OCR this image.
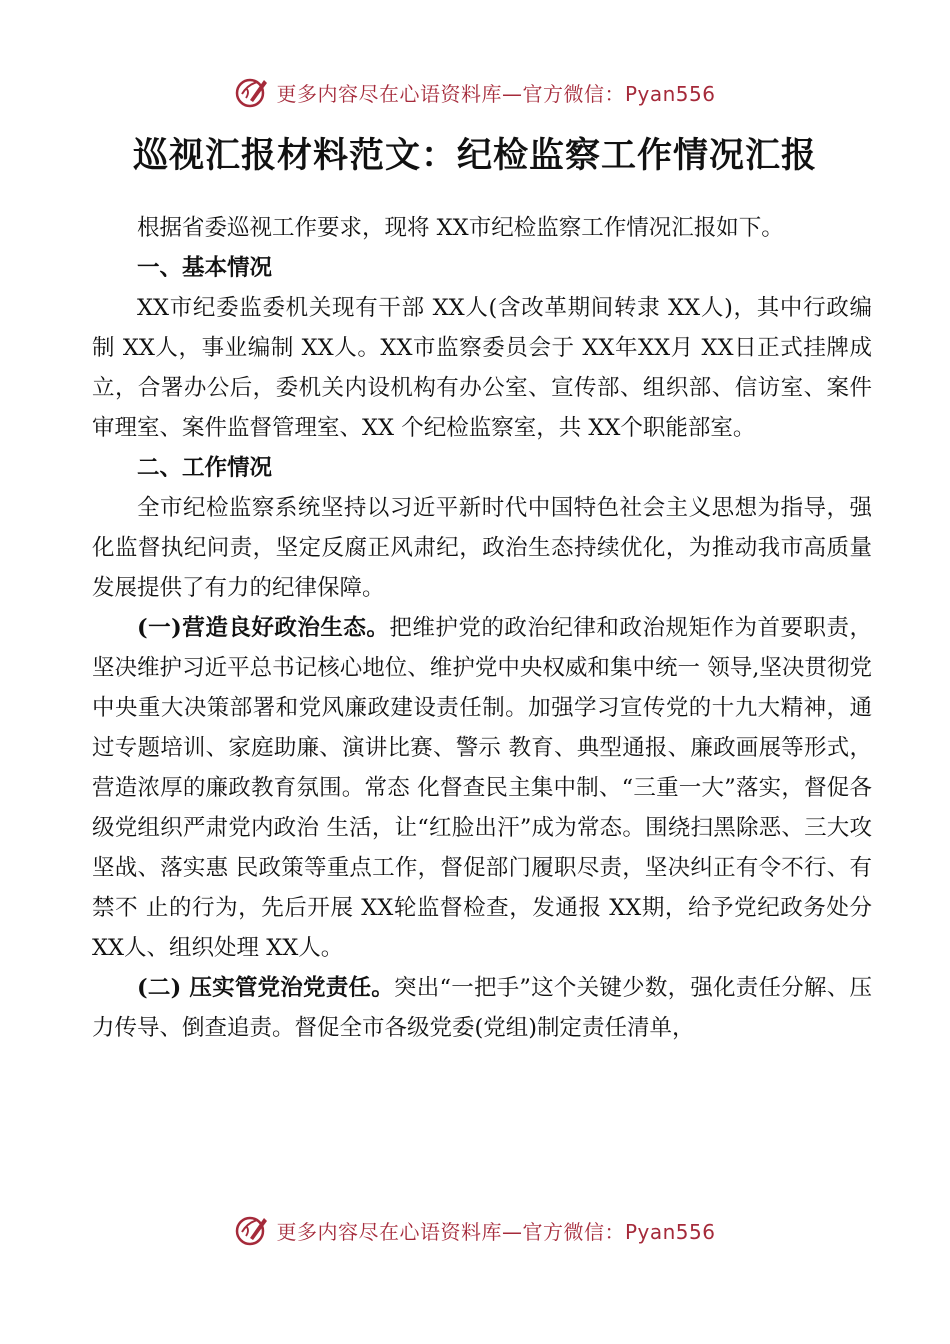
更多内容尽在心语资料库—官方微信：Pyan556
巡视汇报材料范文：纪检监察工作情况汇报

根据省委巡视工作要求，现将 XX市纪检监察工作情况汇报如下。

一、基本情况

XX市纪委监委机关现有干部 XX人(含改革期间转隶 XX人)，其中行政编制 XX人，事业编制 XX人。XX市监察委员会于 XX年XX月 XX日正式挂牌成立，合署办公后，委机关内设机构有办公室、宣传部、组织部、信访室、案件审理室、案件监督管理室、XX 个纪检监察室，共 XX个职能部室。

二、工作情况

全市纪检监察系统坚持以习近平新时代中国特色社会主义思想为指导，强化监督执纪问责，坚定反腐正风肃纪，政治生态持续优化，为推动我市高质量发展提供了有力的纪律保障。

(一)营造良好政治生态。把维护党的政治纪律和政治规矩作为首要职责，坚决维护习近平总书记核心地位、维护党中央权威和集中统一 领导,坚决贯彻党中央重大决策部署和党风廉政建设责任制。加强学习宣传党的十九大精神，通过专题培训、家庭助廉、演讲比赛、警示 教育、典型通报、廉政画展等形式，营造浓厚的廉政教育氛围。常态 化督查民主集中制、“三重一大”落实，督促各级党组织严肃党内政治 生活，让“红脸出汗”成为常态。围绕扫黑除恶、三大攻坚战、落实惠 民政策等重点工作，督促部门履职尽责，坚决纠正有令不行、有禁不 止的行为，先后开展 XX轮监督检查，发通报 XX期，给予党纪政务处分 XX人、组织处理 XX人。

(二) 压实管党治党责任。突出“一把手”这个关键少数，强化责任分解、压力传导、倒查追责。督促全市各级党委(党组)制定责任清单，

更多内容尽在心语资料库—官方微信：Pyan556
